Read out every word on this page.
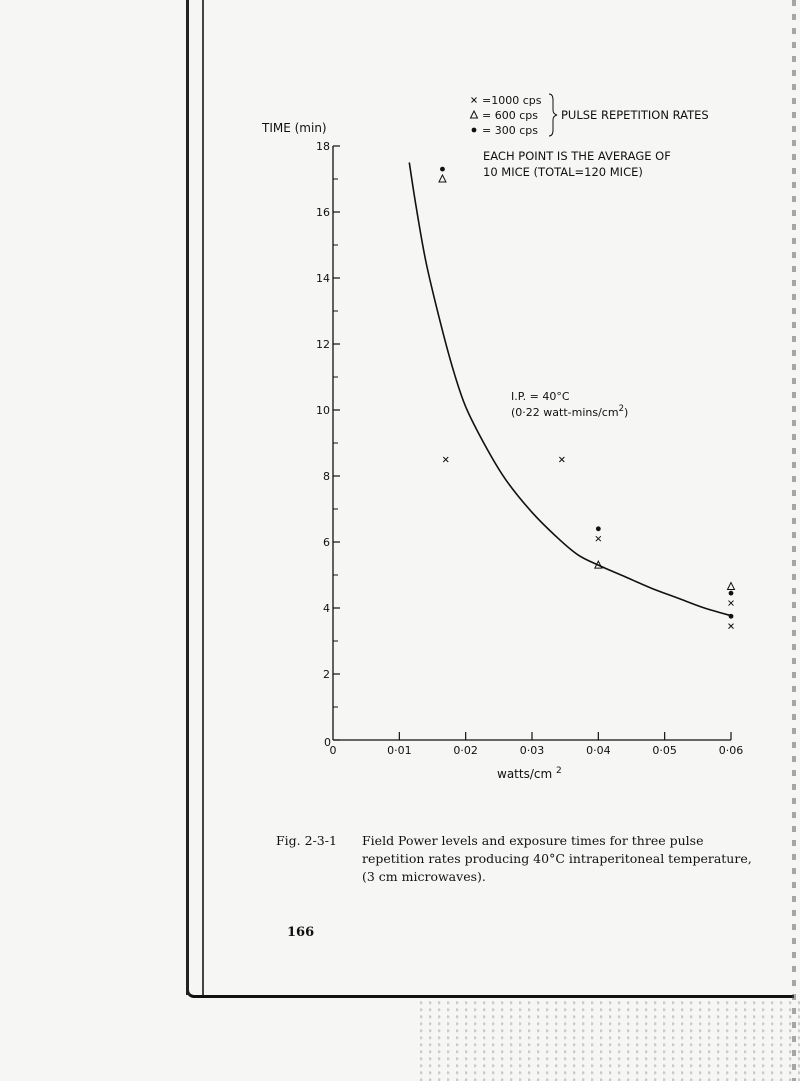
2
4
6
8
10
12
14
16
18
0
0	0·01	0·02	0·03	0·04	0·05	0·06
TIME (min)
watts/cm $^2$
=1000 cps
= 600 cps
= 300 cps
PULSE REPETITION RATES
EACH POINT IS THE AVERAGE OF
10 MICE (TOTAL=120 MICE)
I.P. = 40°C
(0·22 watt-$\min s/cm^2$)
Fig. 2-3-1 Field Power levels and exposure times for three pulse repetition rates producing 40°C intraperitoneal temperature, (3 cm microwaves).
166
